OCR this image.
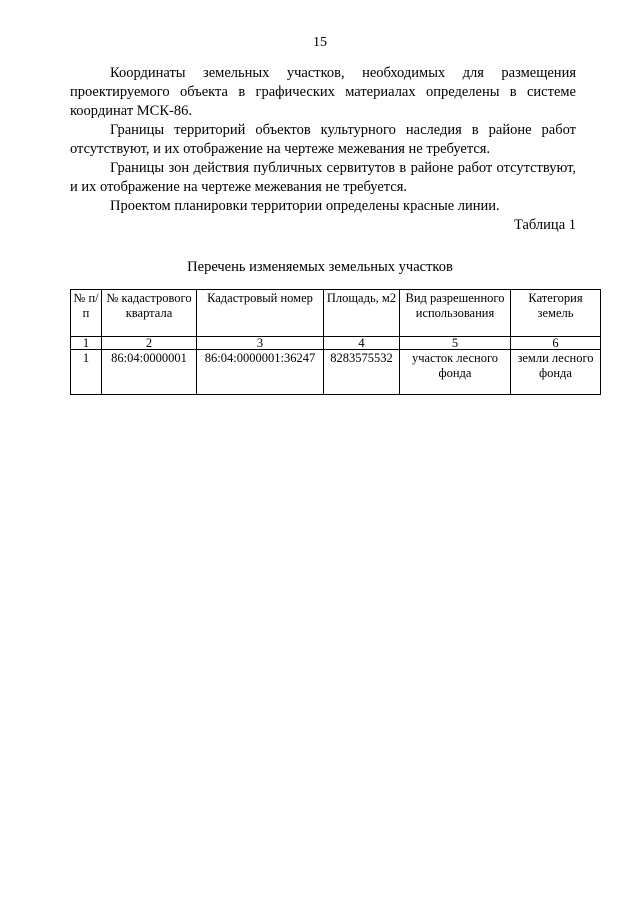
15

Координаты земельных участков, необходимых для размещения проектируемого объекта в графических материалах определены в системе координат МСК-86.

Границы территорий объектов культурного наследия в районе работ отсутствуют, и их отображение на чертеже межевания не требуется.

Границы зон действия публичных сервитутов в районе работ отсутствуют, и их отображение на чертеже межевания не требуется.

Проектом планировки территории определены красные линии.

Таблица 1
Перечень изменяемых земельных участков
№ п/п	№ кадастрового квартала	Кадастровый номер	Площадь, м2	Вид разрешенного использования	Категория земель
1	2	3	4	5	6
1	86:04:0000001	86:04:0000001:36247	8283575532	участок лесного фонда	земли лесного фонда
